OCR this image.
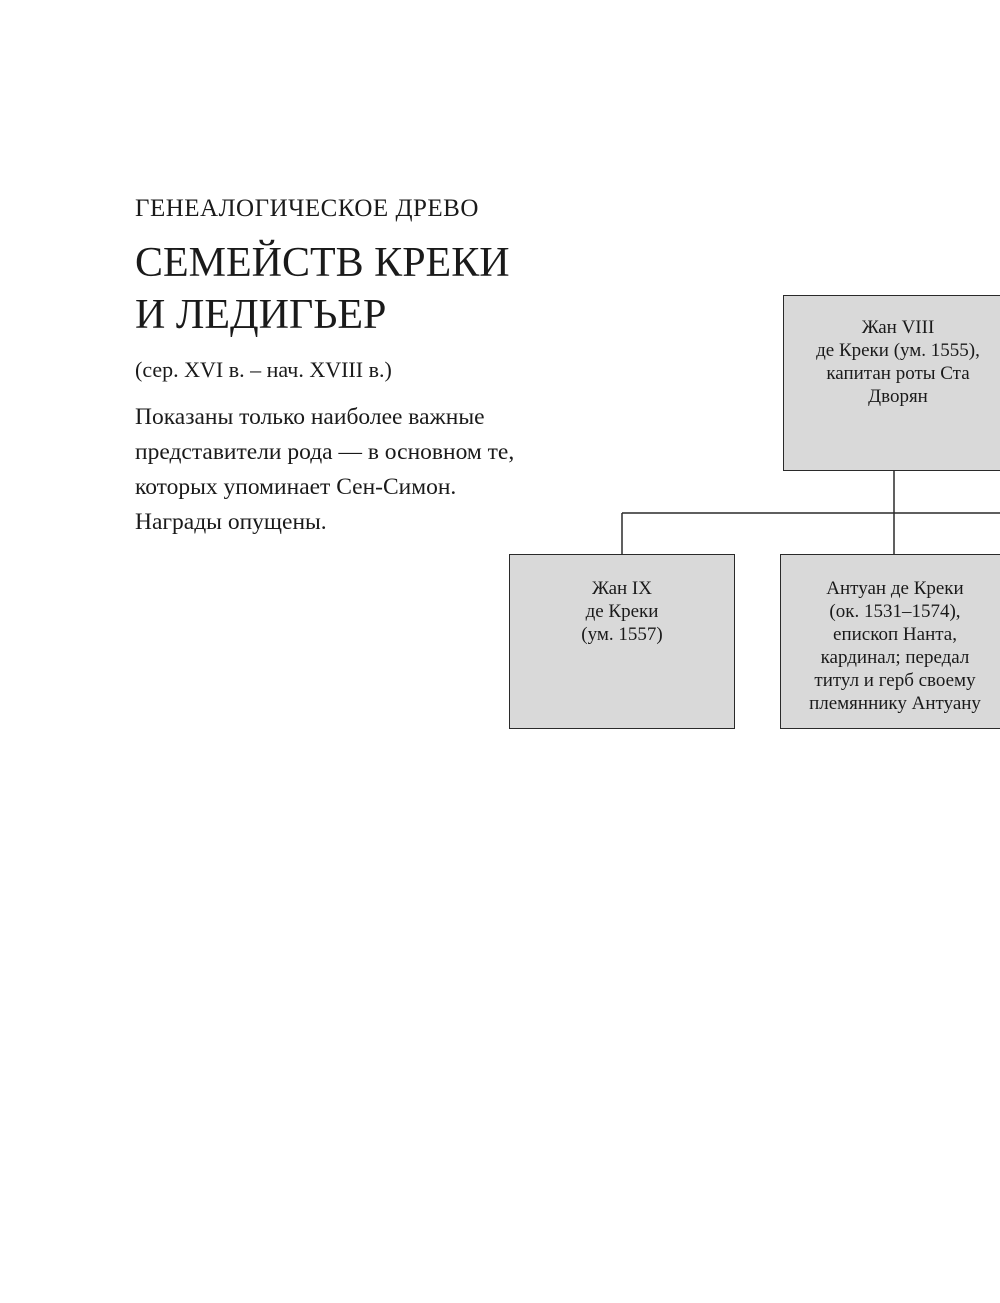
ГЕНЕАЛОГИЧЕСКОЕ ДРЕВО
СЕМЕЙСТВ КРЕКИ
И ЛЕДИГЬЕР
(сер. XVI в. – нач. XVIII в.)
Показаны только наиболее важные
представители рода — в основном те,
которых упоминает Сен-Симон.
Награды опущены.
Жан VIII
де Креки (ум. 1555),
капитан роты Ста
Дворян
Жан IX
де Креки
(ум. 1557)
Антуан де Креки
(ок. 1531–1574),
епископ Нанта,
кардинал; передал
титул и герб своему
племяннику Антуану
